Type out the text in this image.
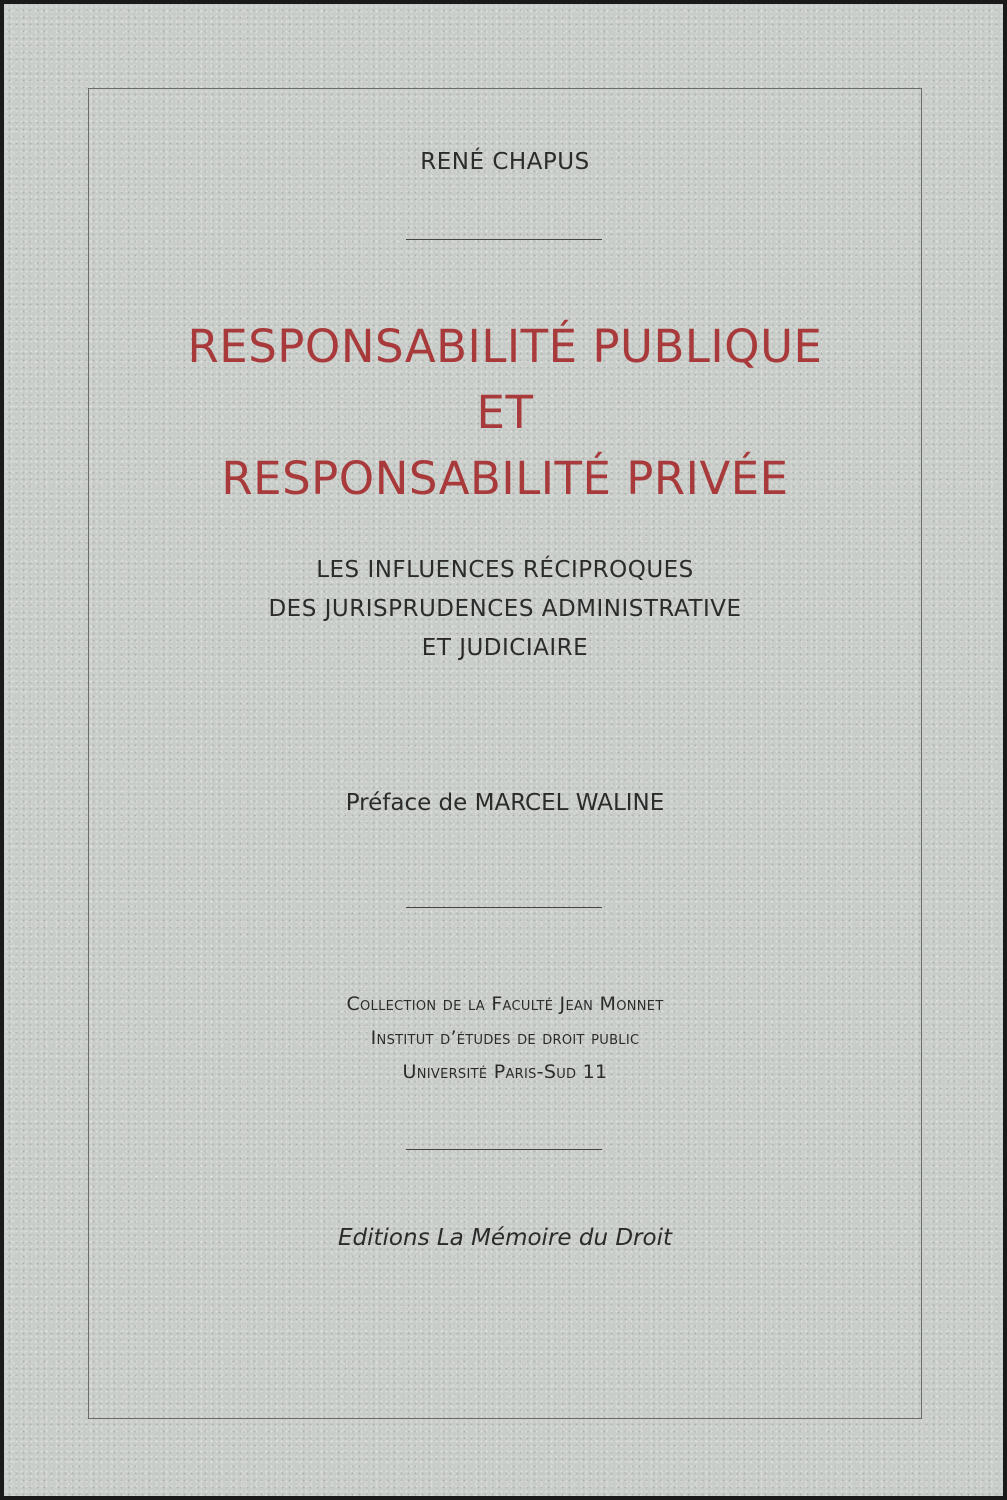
RENÉ CHAPUS

RESPONSABILITÉ PUBLIQUE

ET

RESPONSABILITÉ PRIVÉE

LES INFLUENCES RÉCIPROQUES

DES JURISPRUDENCES ADMINISTRATIVE

ET JUDICIAIRE

Préface de MARCEL WALINE

Collection de la Faculté Jean Monnet

Institut d’études de droit public

Université Paris-Sud 11

Editions La Mémoire du Droit
